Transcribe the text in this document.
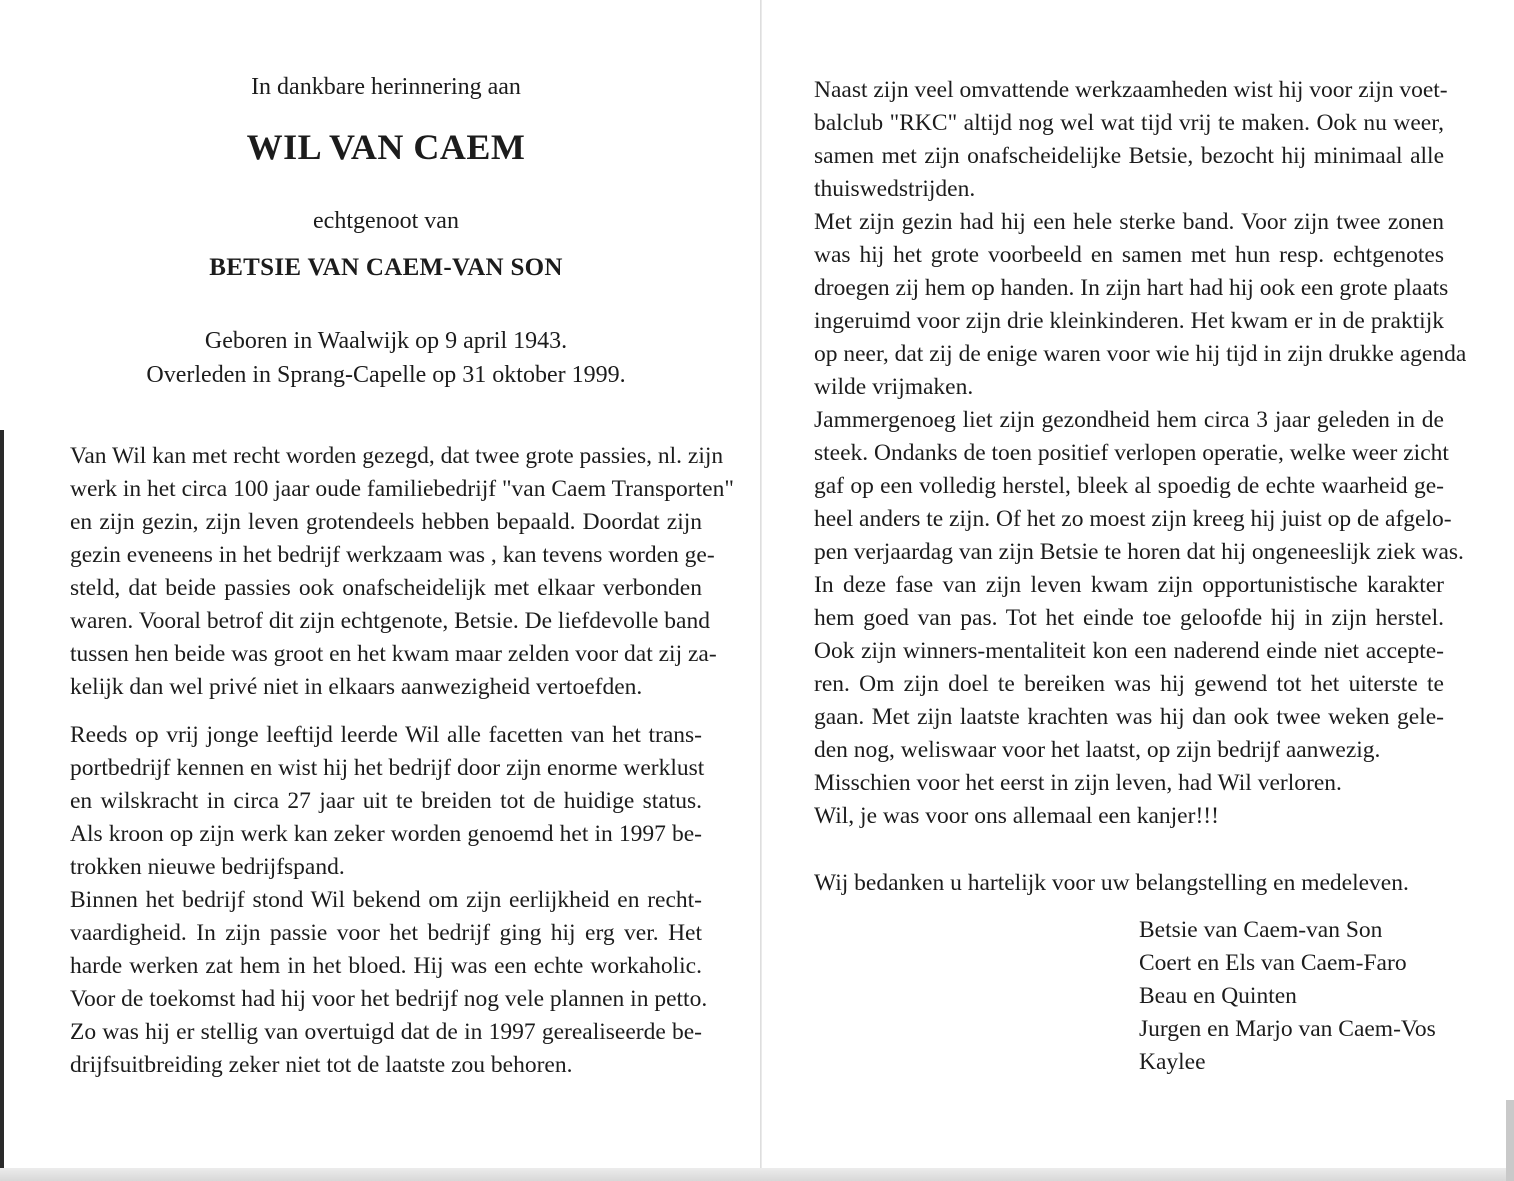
In dankbare herinnering aan
WIL VAN CAEM
echtgenoot van
BETSIE VAN CAEM-VAN SON
Geboren in Waalwijk op 9 april 1943.
Overleden in Sprang-Capelle op 31 oktober 1999.
Van Wil kan met recht worden gezegd, dat twee grote passies, nl. zijn
werk in het circa 100 jaar oude familiebedrijf "van Caem Transporten"
en zijn gezin, zijn leven grotendeels hebben bepaald. Doordat zijn
gezin eveneens in het bedrijf werkzaam was , kan tevens worden ge-
steld, dat beide passies ook onafscheidelijk met elkaar verbonden
waren. Vooral betrof dit zijn echtgenote, Betsie. De liefdevolle band
tussen hen beide was groot en het kwam maar zelden voor dat zij za-
kelijk dan wel privé niet in elkaars aanwezigheid vertoefden.
Reeds op vrij jonge leeftijd leerde Wil alle facetten van het trans-
portbedrijf kennen en wist hij het bedrijf door zijn enorme werklust
en wilskracht in circa 27 jaar uit te breiden tot de huidige status.
Als kroon op zijn werk kan zeker worden genoemd het in 1997 be-
trokken nieuwe bedrijfspand.
Binnen het bedrijf stond Wil bekend om zijn eerlijkheid en recht-
vaardigheid. In zijn passie voor het bedrijf ging hij erg ver. Het
harde werken zat hem in het bloed. Hij was een echte workaholic.
Voor de toekomst had hij voor het bedrijf nog vele plannen in petto.
Zo was hij er stellig van overtuigd dat de in 1997 gerealiseerde be-
drijfsuitbreiding zeker niet tot de laatste zou behoren.
Naast zijn veel omvattende werkzaamheden wist hij voor zijn voet-
balclub "RKC" altijd nog wel wat tijd vrij te maken. Ook nu weer,
samen met zijn onafscheidelijke Betsie, bezocht hij minimaal alle
thuiswedstrijden.
Met zijn gezin had hij een hele sterke band. Voor zijn twee zonen
was hij het grote voorbeeld en samen met hun resp. echtgenotes
droegen zij hem op handen. In zijn hart had hij ook een grote plaats
ingeruimd voor zijn drie kleinkinderen. Het kwam er in de praktijk
op neer, dat zij de enige waren voor wie hij tijd in zijn drukke agenda
wilde vrijmaken.
Jammergenoeg liet zijn gezondheid hem circa 3 jaar geleden in de
steek. Ondanks de toen positief verlopen operatie, welke weer zicht
gaf op een volledig herstel, bleek al spoedig de echte waarheid ge-
heel anders te zijn. Of het zo moest zijn kreeg hij juist op de afgelo-
pen verjaardag van zijn Betsie te horen dat hij ongeneeslijk ziek was.
In deze fase van zijn leven kwam zijn opportunistische karakter
hem goed van pas. Tot het einde toe geloofde hij in zijn herstel.
Ook zijn winners-mentaliteit kon een naderend einde niet accepte-
ren. Om zijn doel te bereiken was hij gewend tot het uiterste te
gaan. Met zijn laatste krachten was hij dan ook twee weken gele-
den nog, weliswaar voor het laatst, op zijn bedrijf aanwezig.
Misschien voor het eerst in zijn leven, had Wil verloren.
Wil, je was voor ons allemaal een kanjer!!!
Wij bedanken u hartelijk voor uw belangstelling en medeleven.
Betsie van Caem-van Son
Coert en Els van Caem-Faro
Beau en Quinten
Jurgen en Marjo van Caem-Vos
Kaylee
